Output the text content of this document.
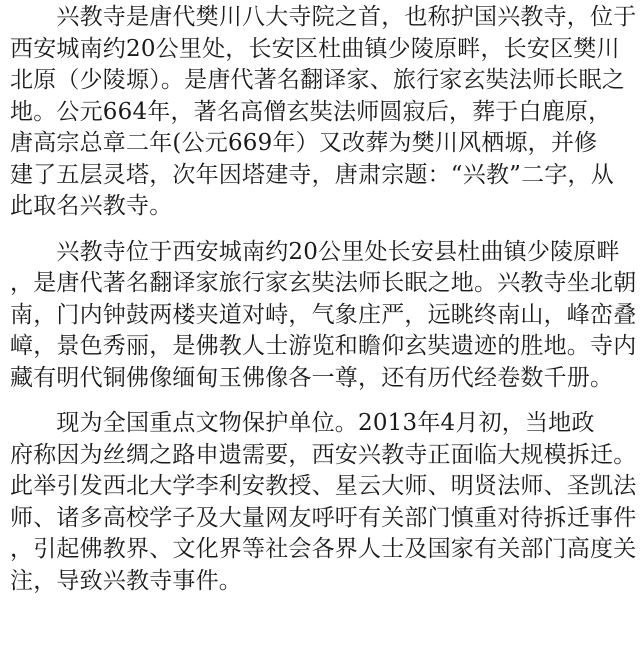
　　兴教寺是唐代樊川八大寺院之首，也称护国兴教寺，位于
西安城南约20公里处，长安区杜曲镇少陵原畔，长安区樊川
北原（少陵塬）。是唐代著名翻译家、旅行家玄奘法师长眠之
地。公元664年，著名高僧玄奘法师圆寂后，葬于白鹿原，
唐高宗总章二年(公元669年）又改葬为樊川风栖塬，并修
建了五层灵塔，次年因塔建寺，唐肃宗题：“兴教”二字，从
此取名兴教寺。

　　兴教寺位于西安城南约20公里处长安县杜曲镇少陵原畔
，是唐代著名翻译家旅行家玄奘法师长眠之地。兴教寺坐北朝
南，门内钟鼓两楼夹道对峙，气象庄严，远眺终南山，峰峦叠
嶂，景色秀丽，是佛教人士游览和瞻仰玄奘遗迹的胜地。寺内
藏有明代铜佛像缅甸玉佛像各一尊，还有历代经卷数千册。

　　现为全国重点文物保护单位。2013年4月初，当地政
府称因为丝绸之路申遗需要，西安兴教寺正面临大规模拆迁。
此举引发西北大学李利安教授、星云大师、明贤法师、圣凯法
师、诸多高校学子及大量网友呼吁有关部门慎重对待拆迁事件
，引起佛教界、文化界等社会各界人士及国家有关部门高度关
注，导致兴教寺事件。
